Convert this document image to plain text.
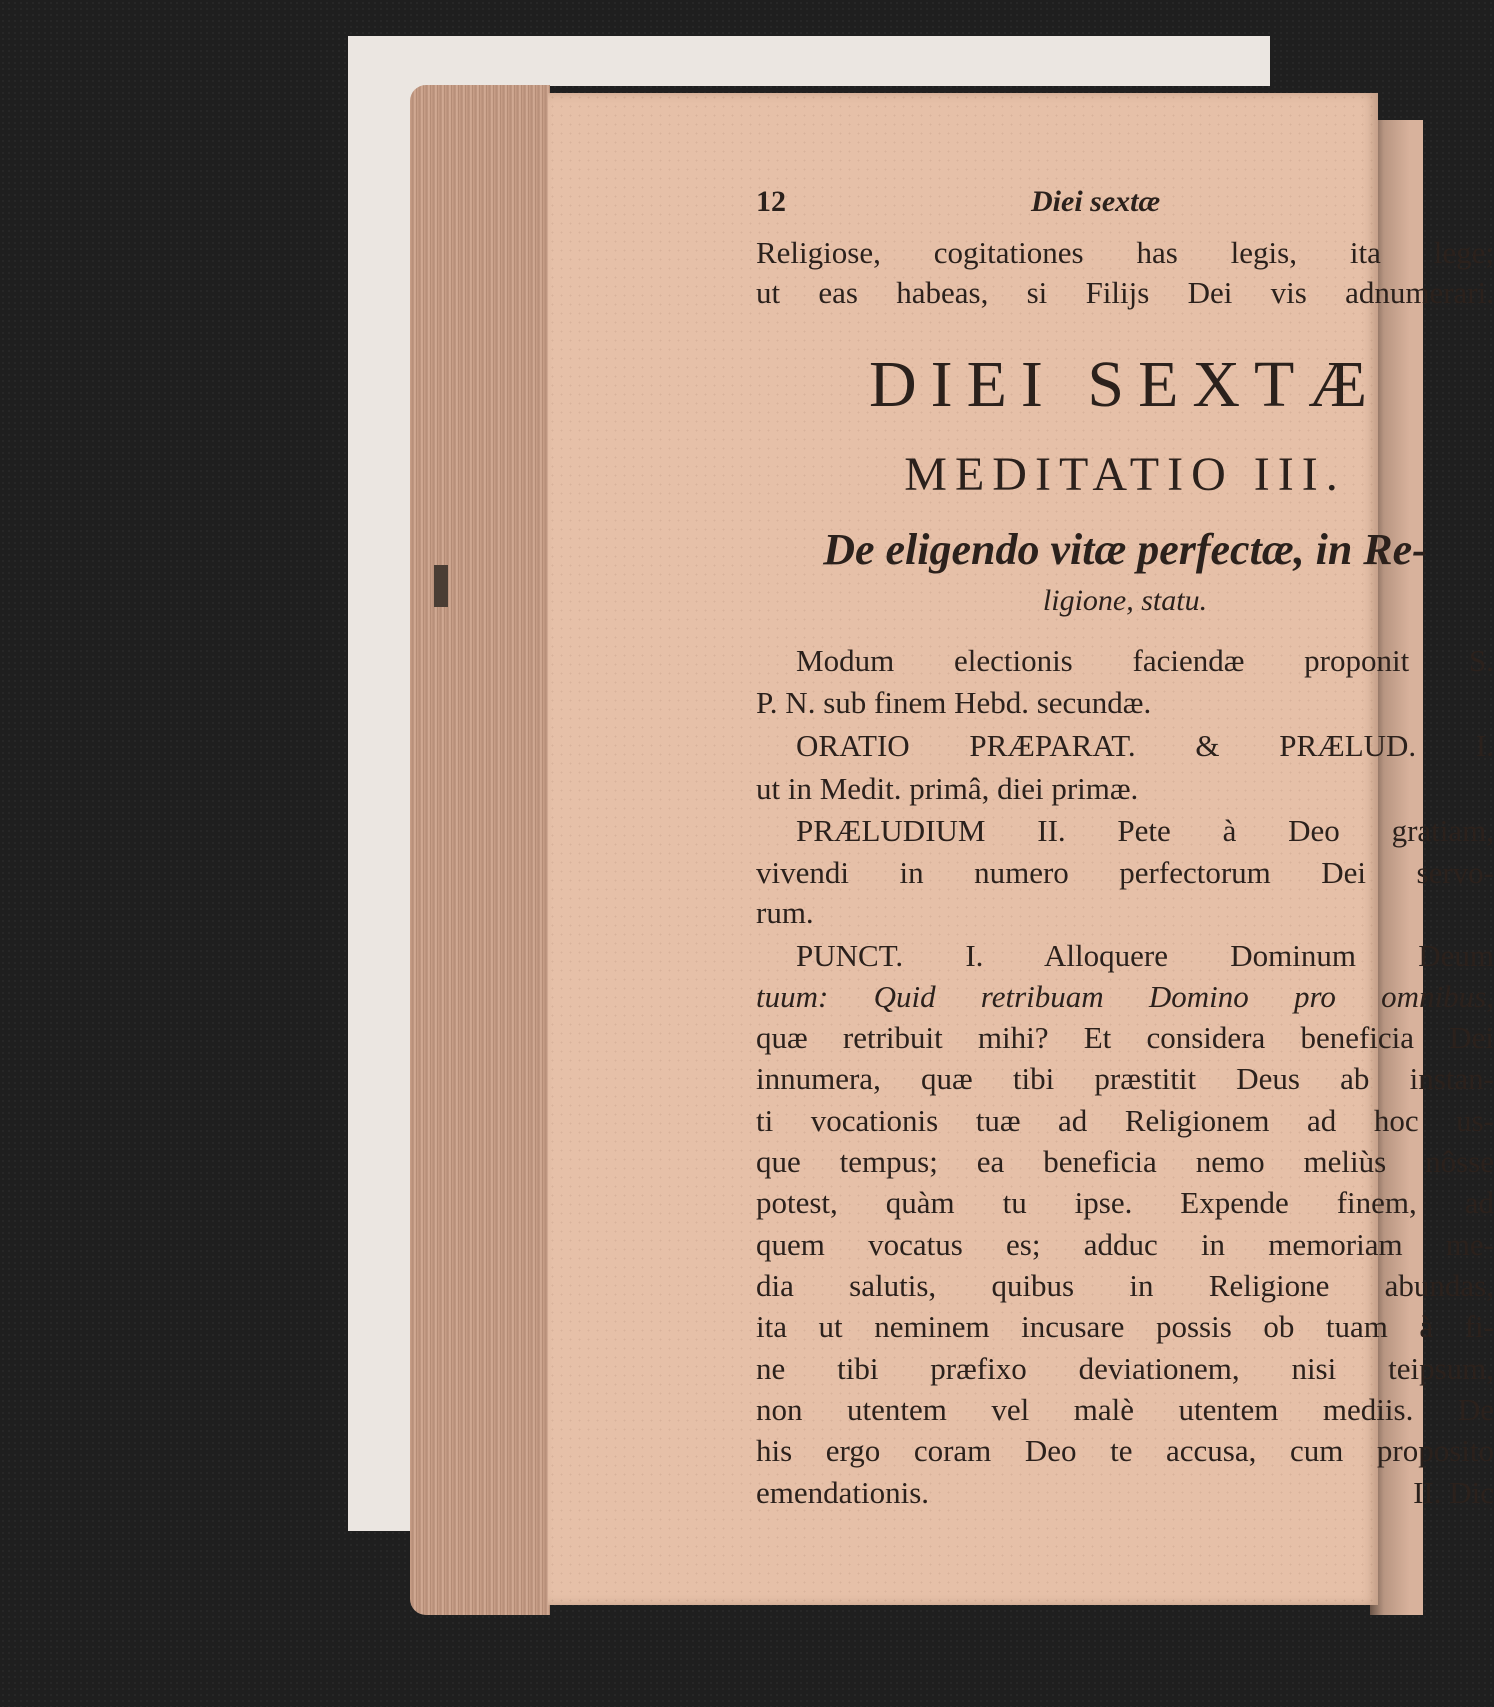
12	Diei sextæ
Religiose, cogitationes has legis, ita lege;
ut eas habeas, si Filijs Dei vis adnumerari.
DIEI SEXTÆ
MEDITATIO III.
De eligendo vitæ perfectæ, in Re-
ligione, statu.
Modum electionis faciendæ proponit S.
P. N. sub finem Hebd. secundæ.
ORATIO PRÆPARAT. & PRÆLUD. I.
ut in Medit. primâ, diei primæ.
PRÆLUDIUM II. Pete à Deo gratiam,
vivendi in numero perfectorum Dei servo-
rum.
PUNCT. I. Alloquere Dominum Deum
tuum: Quid retribuam Domino pro omnibus,
quæ retribuit mihi? Et considera beneficia Dei
innumera, quæ tibi præstitit Deus ab instan-
ti vocationis tuæ ad Religionem ad hoc us-
que tempus; ea beneficia nemo meliùs nôsse
potest, quàm tu ipse. Expende finem, ad
quem vocatus es; adduc in memoriam me-
dia salutis, quibus in Religione abundas,
ita ut neminem incusare possis ob tuam à fi-
ne tibi præfixo deviationem, nisi teipsum,
non utentem vel malè utentem mediis. De
his ergo coram Deo te accusa, cum proposito
emendationis.	II. Dic
